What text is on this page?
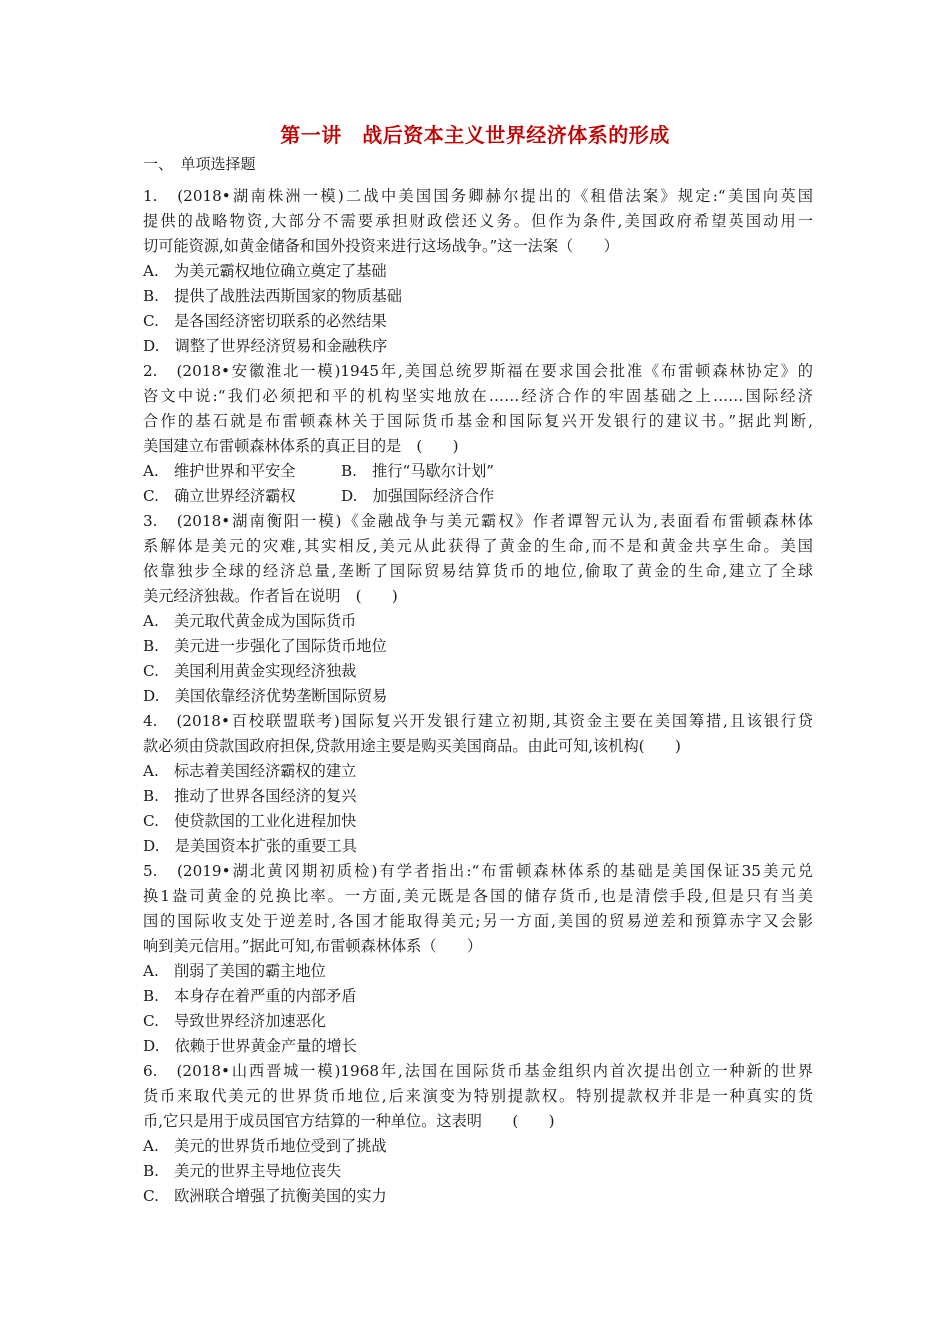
第一讲　战后资本主义世界经济体系的形成
一、　单项选择题
1.　(2018•湖南株洲一模)二战中美国国务卿赫尔提出的《租借法案》规定:“美国向英国
提供的战略物资,大部分不需要承担财政偿还义务。但作为条件,美国政府希望英国动用一
切可能资源,如黄金储备和国外投资来进行这场战争。”这一法案（　　）
A.　为美元霸权地位确立奠定了基础
B.　提供了战胜法西斯国家的物质基础
C.　是各国经济密切联系的必然结果
D.　调整了世界经济贸易和金融秩序
2.　(2018•安徽淮北一模)1945年,美国总统罗斯福在要求国会批准《布雷顿森林协定》的
咨文中说:“我们必须把和平的机构坚实地放在……经济合作的牢固基础之上……国际经济
合作的基石就是布雷顿森林关于国际货币基金和国际复兴开发银行的建议书。”据此判断,
美国建立布雷顿森林体系的真正目的是　(　　)
A.　维护世界和平安全	B.　推行“马歇尔计划”
C.　确立世界经济霸权	D.　加强国际经济合作
3.　(2018•湖南衡阳一模)《金融战争与美元霸权》作者谭智元认为,表面看布雷顿森林体
系解体是美元的灾难,其实相反,美元从此获得了黄金的生命,而不是和黄金共享生命。美国
依靠独步全球的经济总量,垄断了国际贸易结算货币的地位,偷取了黄金的生命,建立了全球
美元经济独裁。作者旨在说明　(　　)
A.　美元取代黄金成为国际货币
B.　美元进一步强化了国际货币地位
C.　美国利用黄金实现经济独裁
D.　美国依靠经济优势垄断国际贸易
4.　(2018•百校联盟联考)国际复兴开发银行建立初期,其资金主要在美国筹措,且该银行贷
款必须由贷款国政府担保,贷款用途主要是购买美国商品。由此可知,该机构(　　)
A.　标志着美国经济霸权的建立
B.　推动了世界各国经济的复兴
C.　使贷款国的工业化进程加快
D.　是美国资本扩张的重要工具
5.　(2019•湖北黄冈期初质检)有学者指出:“布雷顿森林体系的基础是美国保证35美元兑
换1盎司黄金的兑换比率。一方面,美元既是各国的储存货币,也是清偿手段,但是只有当美
国的国际收支处于逆差时,各国才能取得美元;另一方面,美国的贸易逆差和预算赤字又会影
响到美元信用。”据此可知,布雷顿森林体系（　　）
A.　削弱了美国的霸主地位
B.　本身存在着严重的内部矛盾
C.　导致世界经济加速恶化
D.　依赖于世界黄金产量的增长
6.　(2018•山西晋城一模)1968年,法国在国际货币基金组织内首次提出创立一种新的世界
货币来取代美元的世界货币地位,后来演变为特别提款权。特别提款权并非是一种真实的货
币,它只是用于成员国官方结算的一种单位。这表明　　(　　)
A.　美元的世界货币地位受到了挑战
B.　美元的世界主导地位丧失
C.　欧洲联合增强了抗衡美国的实力
